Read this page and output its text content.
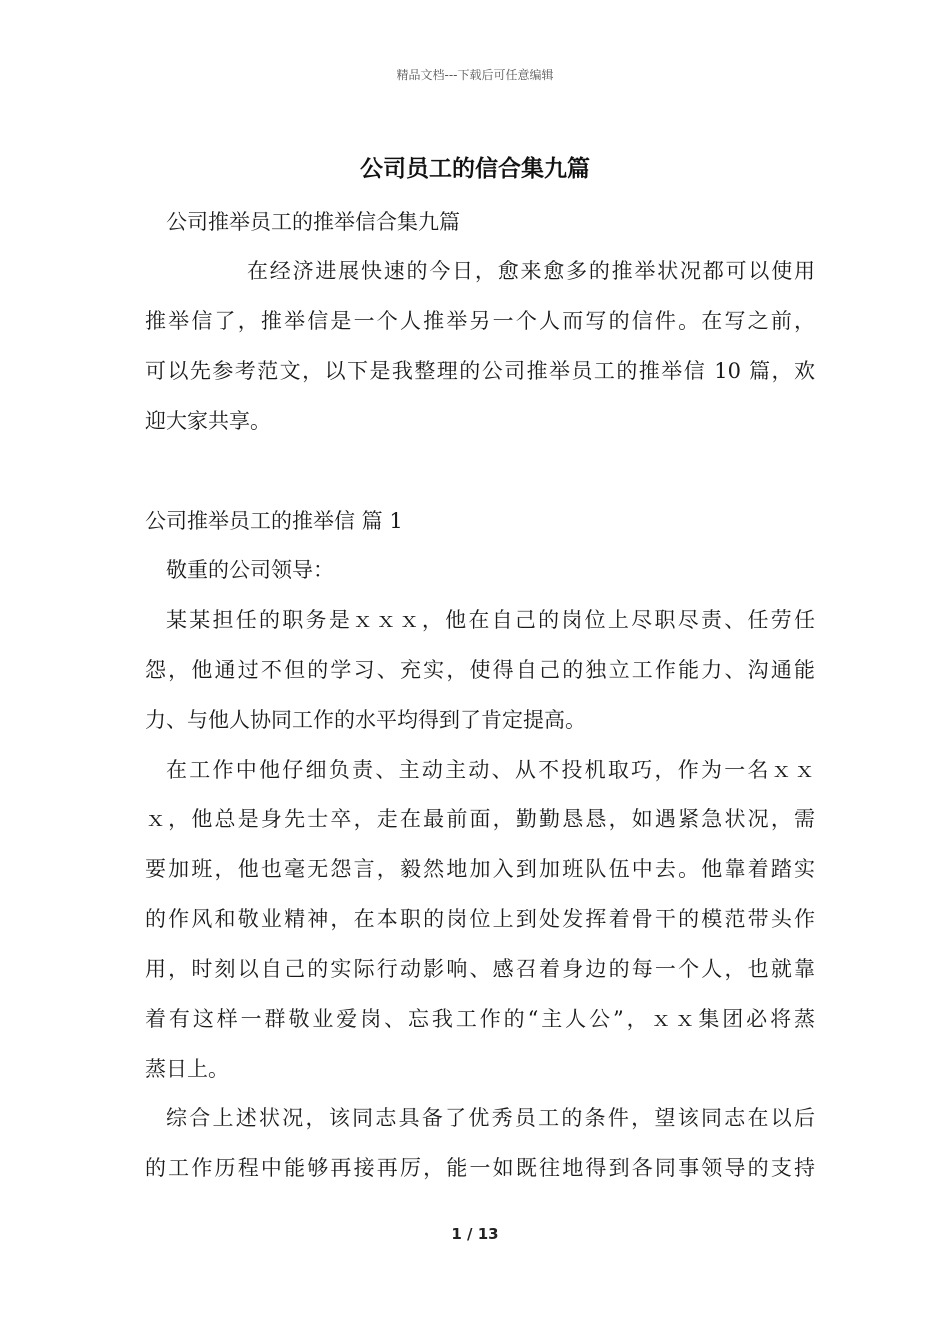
精品文档---下载后可任意编辑
公司员工的信合集九篇
公司推举员工的推举信合集九篇
在经济进展快速的今日，愈来愈多的推举状况都可以使用
推举信了，推举信是一个人推举另一个人而写的信件。在写之前，
可以先参考范文，以下是我整理的公司推举员工的推举信 10 篇，欢
迎大家共享。
公司推举员工的推举信 篇 1
敬重的公司领导：
某某担任的职务是ｘｘｘ，他在自己的岗位上尽职尽责、任劳任
怨，他通过不但的学习、充实，使得自己的独立工作能力、沟通能
力、与他人协同工作的水平均得到了肯定提高。
在工作中他仔细负责、主动主动、从不投机取巧，作为一名ｘｘ
ｘ，他总是身先士卒，走在最前面，勤勤恳恳，如遇紧急状况，需
要加班，他也毫无怨言，毅然地加入到加班队伍中去。他靠着踏实
的作风和敬业精神，在本职的岗位上到处发挥着骨干的模范带头作
用，时刻以自己的实际行动影响、感召着身边的每一个人，也就靠
着有这样一群敬业爱岗、忘我工作的“主人公”，ｘｘ集团必将蒸
蒸日上。
综合上述状况，该同志具备了优秀员工的条件，望该同志在以后
的工作历程中能够再接再厉，能一如既往地得到各同事领导的支持
1 / 13
